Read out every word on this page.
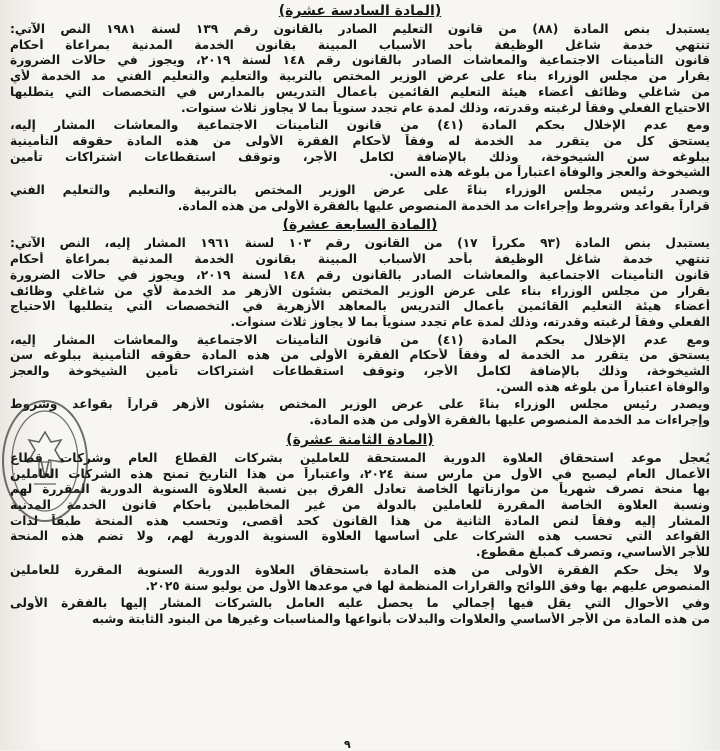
(المادة السادسة عشرة)
يستبدل بنص المادة (٨٨) من قانون التعليم الصادر بالقانون رقم ١٣٩ لسنة ١٩٨١ النص الآتي:
تنتهي خدمة شاغل الوظيفة بأحد الأسباب المبينة بقانون الخدمة المدنية بمراعاة أحكام
قانون التأمينات الاجتماعية والمعاشات الصادر بالقانون رقم ١٤٨ لسنة ٢٠١٩، ويجوز في حالات الضرورة
بقرار من مجلس الوزراء بناء على عرض الوزير المختص بالتربية والتعليم والتعليم الفني مد الخدمة لأي
من شاغلي وظائف أعضاء هيئة التعليم القائمين بأعمال التدريس بالمدارس في التخصصات التي يتطلبها
الاحتياج الفعلي وفقاً لرغبته وقدرته، وذلك لمدة عام تجدد سنوياً بما لا يجاوز ثلاث سنوات.
ومع عدم الإخلال بحكم المادة (٤١) من قانون التأمينات الاجتماعية والمعاشات المشار إليه،
يستحق كل من يتقرر مد الخدمة له وفقاً لأحكام الفقرة الأولى من هذه المادة حقوقه التأمينية
ببلوغه سن الشيخوخة، وذلك بالإضافة لكامل الأجر، وتوقف استقطاعات اشتراكات تأمين
الشيخوخة والعجز والوفاة اعتباراً من بلوغه هذه السن.
ويصدر رئيس مجلس الوزراء بناءً على عرض الوزير المختص بالتربية والتعليم والتعليم الفني
قراراً بقواعد وشروط وإجراءات مد الخدمة المنصوص عليها بالفقرة الأولى من هذه المادة.
(المادة السابعة عشرة)
يستبدل بنص المادة (٩٣ مكرراً ١٧) من القانون رقم ١٠٣ لسنة ١٩٦١ المشار إليه، النص الآتي:
تنتهي خدمة شاغل الوظيفة بأحد الأسباب المبينة بقانون الخدمة المدنية بمراعاة أحكام
قانون التأمينات الاجتماعية والمعاشات الصادر بالقانون رقم ١٤٨ لسنة ٢٠١٩، ويجوز في حالات الضرورة
بقرار من مجلس الوزراء بناء على عرض الوزير المختص بشئون الأزهر مد الخدمة لأي من شاغلي وظائف
أعضاء هيئة التعليم القائمين بأعمال التدريس بالمعاهد الأزهرية في التخصصات التي يتطلبها الاحتياج
الفعلي وفقاً لرغبته وقدرته، وذلك لمدة عام تجدد سنوياً بما لا يجاوز ثلاث سنوات.
ومع عدم الإخلال بحكم المادة (٤١) من قانون التأمينات الاجتماعية والمعاشات المشار إليه،
يستحق من يتقرر مد الخدمة له وفقاً لأحكام الفقرة الأولى من هذه المادة حقوقه التأمينية ببلوغه سن
الشيخوخة، وذلك بالإضافة لكامل الأجر، وتوقف استقطاعات اشتراكات تأمين الشيخوخة والعجز
والوفاة اعتباراً من بلوغه هذه السن.
ويصدر رئيس مجلس الوزراء بناءً على عرض الوزير المختص بشئون الأزهر قراراً بقواعد وشروط
وإجراءات مد الخدمة المنصوص عليها بالفقرة الأولى من هذه المادة.
(المادة الثامنة عشرة)
يُعجل موعد استحقاق العلاوة الدورية المستحقة للعاملين بشركات القطاع العام وشركات قطاع
الأعمال العام ليصبح في الأول من مارس سنة ٢٠٢٤، واعتباراً من هذا التاريخ تمنح هذه الشركات العاملين
بها منحة تصرف شهرياً من موازناتها الخاصة تعادل الفرق بين نسبة العلاوة السنوية الدورية المقررة لهم
ونسبة العلاوة الخاصة المقررة للعاملين بالدولة من غير المخاطبين بأحكام قانون الخدمة المدنية
المشار إليه وفقاً لنص المادة الثانية من هذا القانون كحد أقصى، وتحسب هذه المنحة طبقاً لذات
القواعد التي تحسب هذه الشركات على أساسها العلاوة السنوية الدورية لهم، ولا تضم هذه المنحة
للأجر الأساسي، وتصرف كمبلغ مقطوع.
ولا يخل حكم الفقرة الأولى من هذه المادة باستحقاق العلاوة الدورية السنوية المقررة للعاملين
المنصوص عليهم بها وفق اللوائح والقرارات المنظمة لها في موعدها الأول من يوليو سنة ٢٠٢٥.
وفي الأحوال التي يقل فيها إجمالي ما يحصل عليه العامل بالشركات المشار إليها بالفقرة الأولى
من هذه المادة من الأجر الأساسي والعلاوات والبدلات بأنواعها والمناسبات وغيرها من البنود الثابتة وشبه
٩
